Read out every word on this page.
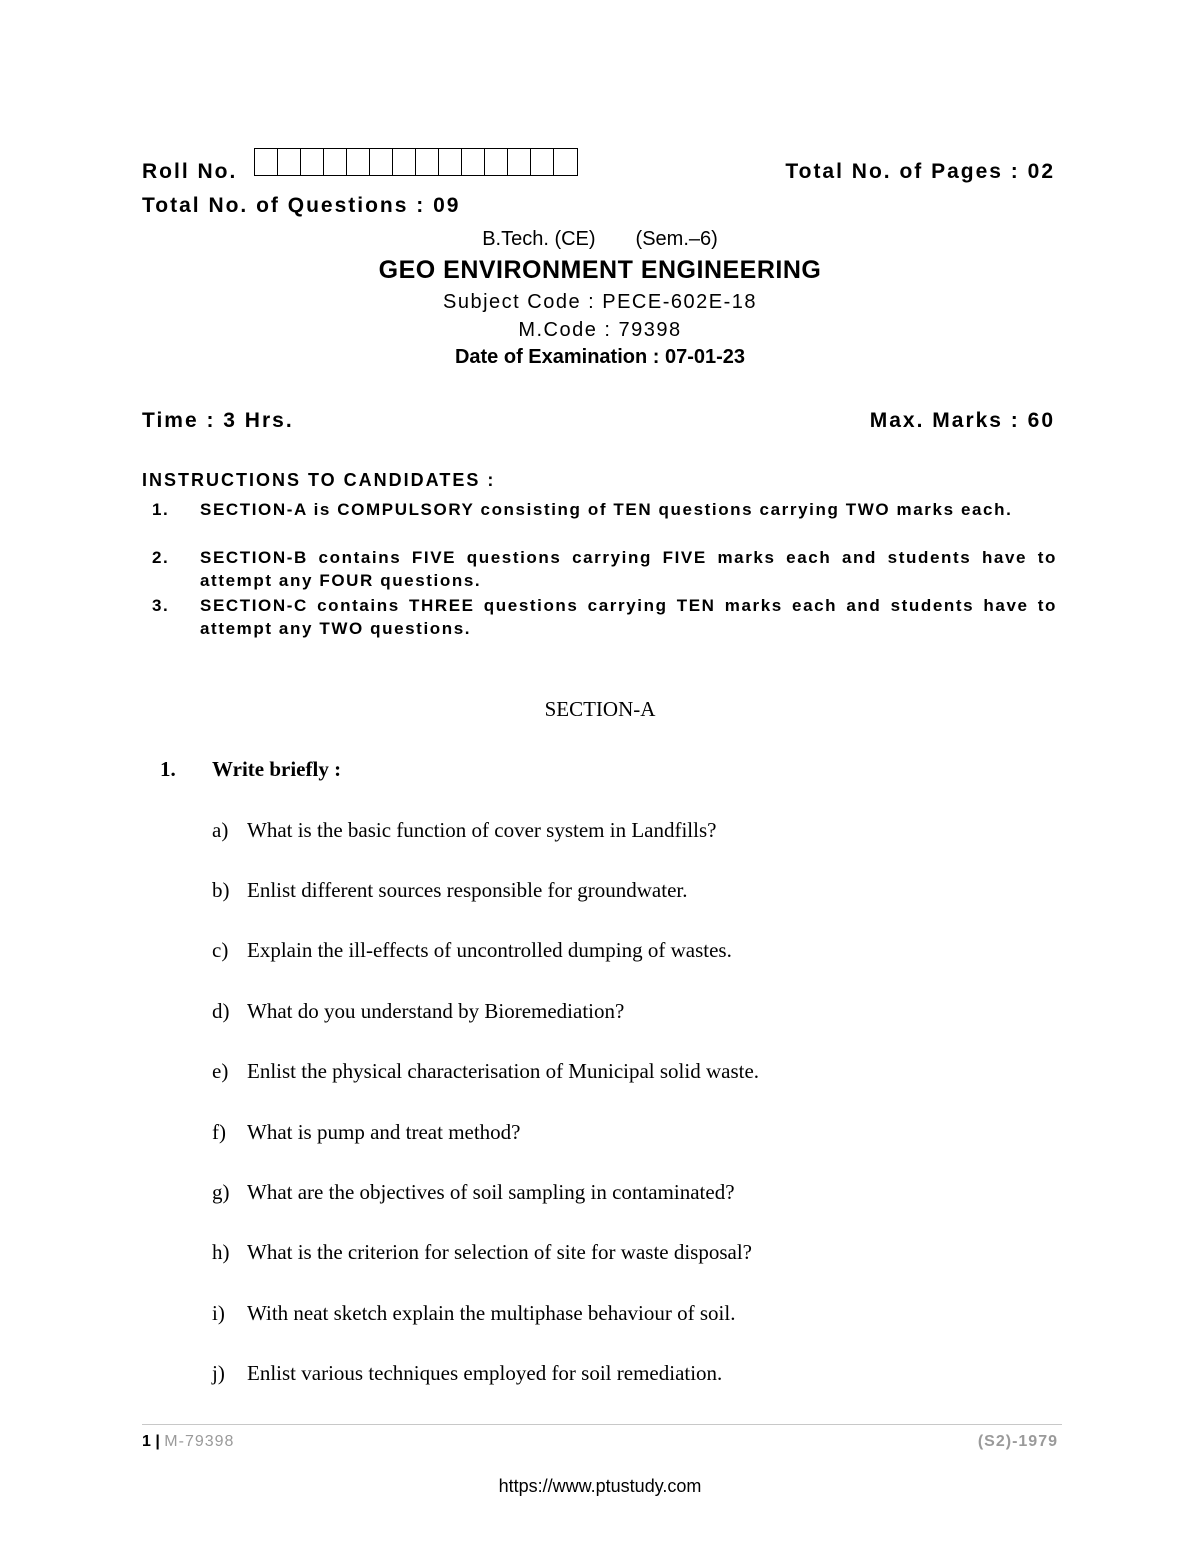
Roll No.	Total No. of Pages : 02
Total No. of Questions : 09
B.Tech. (CE) (Sem.–6)
GEO ENVIRONMENT ENGINEERING
Subject Code : PECE-602E-18
M.Code : 79398
Date of Examination : 07-01-23
Time : 3 Hrs.	Max. Marks : 60
INSTRUCTIONS TO CANDIDATES :
1. SECTION-A is COMPULSORY consisting of TEN questions carrying TWO marks each.
2. SECTION-B contains FIVE questions carrying FIVE marks each and students have to attempt any FOUR questions.
3. SECTION-C contains THREE questions carrying TEN marks each and students have to attempt any TWO questions.
SECTION-A
1. Write briefly :
a) What is the basic function of cover system in Landfills?
b) Enlist different sources responsible for groundwater.
c) Explain the ill-effects of uncontrolled dumping of wastes.
d) What do you understand by Bioremediation?
e) Enlist the physical characterisation of Municipal solid waste.
f) What is pump and treat method?
g) What are the objectives of soil sampling in contaminated?
h) What is the criterion for selection of site for waste disposal?
i) With neat sketch explain the multiphase behaviour of soil.
j) Enlist various techniques employed for soil remediation.
1 | M-79398	(S2)-1979
https://www.ptustudy.com
